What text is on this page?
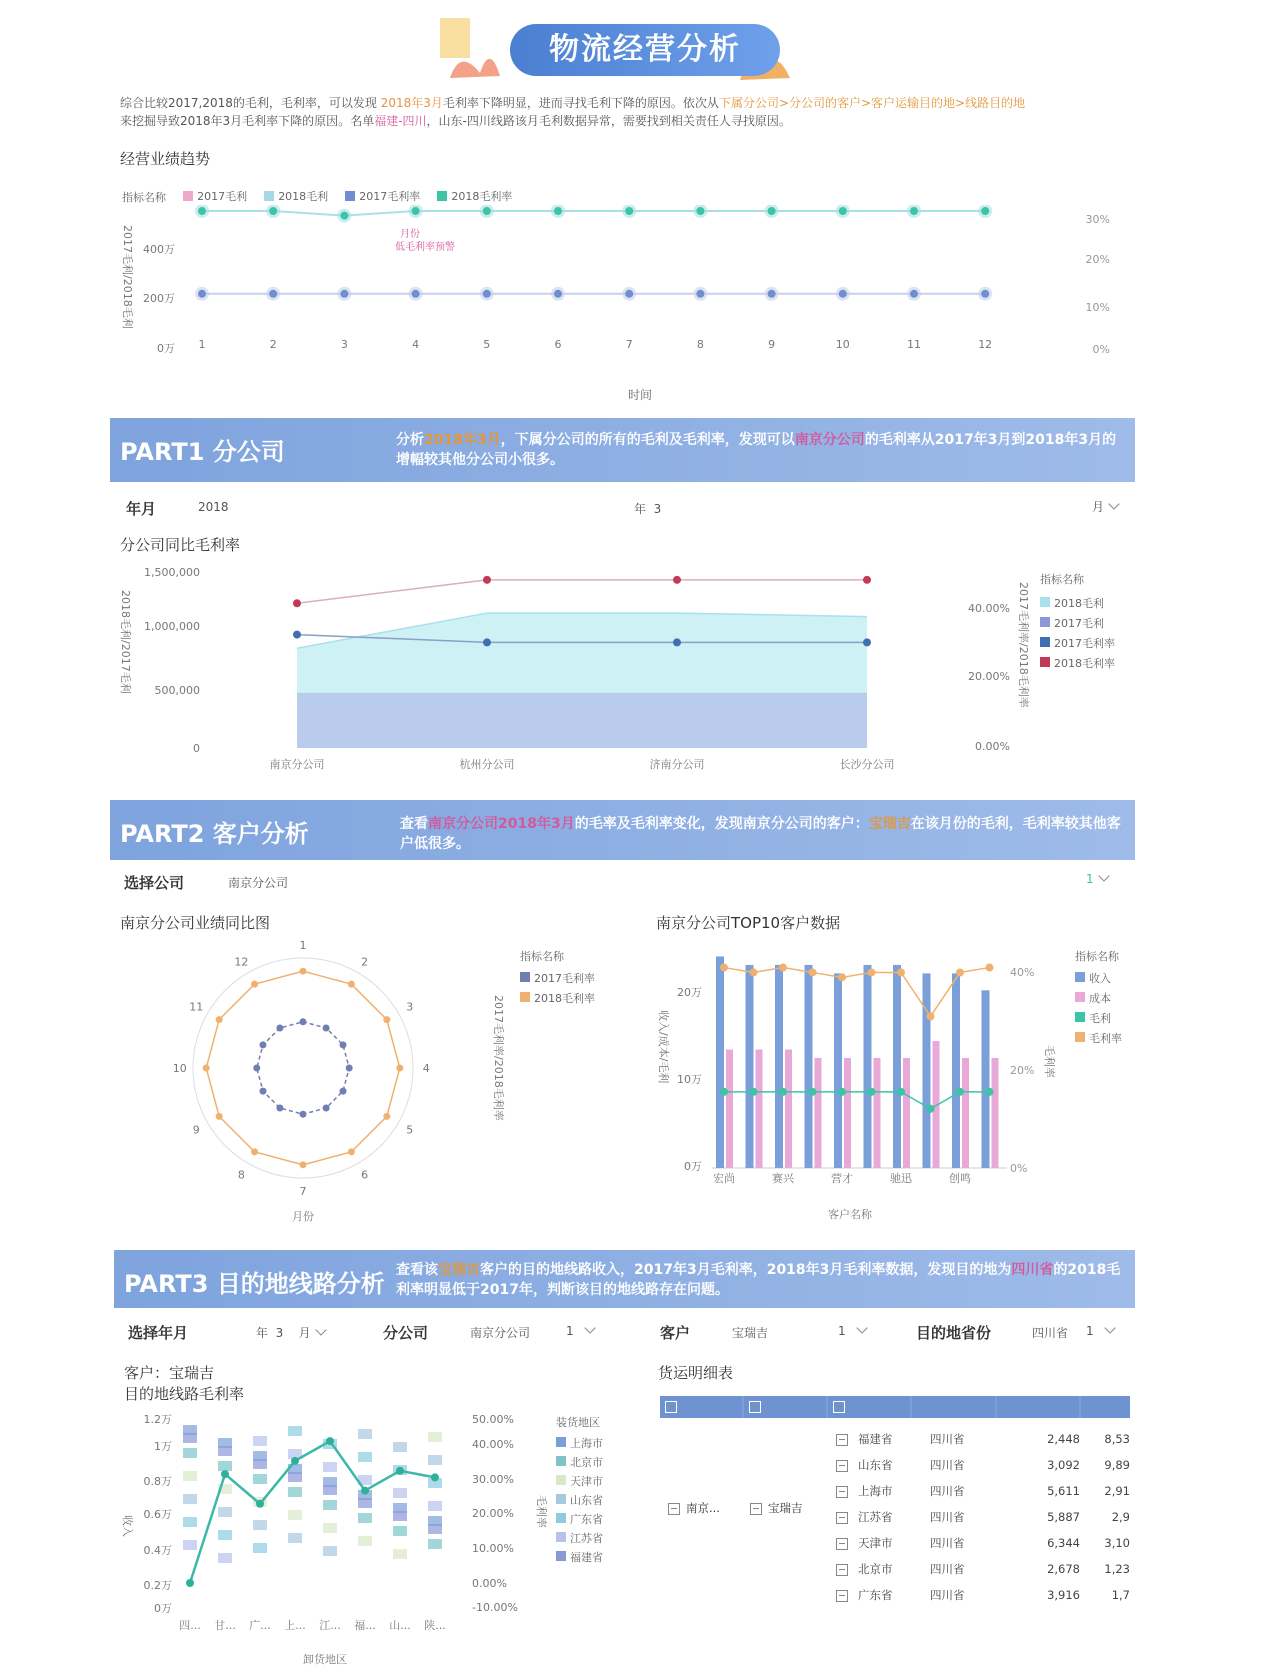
物流经营分析
综合比较2017,2018的毛利，毛利率，可以发现 2018年3月毛利率下降明显，进而寻找毛利下降的原因。依次从下属分公司>分公司的客户>客户运输目的地>线路目的地
来挖掘导致2018年3月毛利率下降的原因。名单福建-四川，山东-四川线路该月毛利数据异常，需要找到相关责任人寻找原因。
经营业绩趋势
指标名称
	2017毛利
	2018毛利
	2017毛利率
	2018毛利率
2017毛利/2018毛利 400万
200万
0万
30%
20%
10%
0%
1	2	3	4	5	6	7	8	9	10	11	12
月份
低毛利率预警
时间
PART1 分公司	分析2018年3月，下属分公司的所有的毛利及毛利率，发现可以南京分公司的毛利率从2017年3月到2018年3月的增幅较其他分公司小很多。
年月	2018	年 3	月
分公司同比毛利率
2018毛利/2017毛利
1,500,000
1,000,000
500,000
0
40.00%
20.00%
0.00%
2017毛利率/2018毛利率
南京分公司	杭州分公司	济南分公司	长沙分公司
指标名称
2018毛利
2017毛利
2017毛利率
2018毛利率
PART2 客户分析	查看南京分公司2018年3月的毛率及毛利率变化，发现南京分公司的客户：宝瑞吉在该月份的毛利，毛利率较其他客户低很多。
选择公司	南京分公司	1
南京分公司业绩同比图
1
2
3
4
5
6
7
8
9
10
11
12
月份
指标名称
2017毛利率
2018毛利率
2017毛利率/2018毛利率
南京分公司TOP10客户数据
收入/成本/毛利
20万
10万
0万
40%
20%
0%
毛利率
宏尚	赛兴	营才	驰迅	创鸣
客户名称
指标名称
收入
成本
毛利
毛利率
PART3 目的地线路分析 查看该宝瑞吉客户的目的地线路收入，2017年3月毛利率，2018年3月毛利率数据，发现目的地为四川省的2018毛利率明显低于2017年，判断该目的地线路存在问题。
选择年月	年 3 月	分公司	南京分公司	1	客户	宝瑞吉	1	目的地省份	四川省 1
客户：宝瑞吉
目的地线路毛利率
收入
1.2万
1万
0.8万
0.6万
0.4万
0.2万
0万
50.00%
40.00%
30.00%
20.00%
10.00%
0.00%
-10.00%
毛利率
四... 甘... 广... 上... 江... 福... 山... 陕...
卸货地区
装货地区
上海市
北京市
天津市
山东省
广东省
江苏省
福建省
货运明细表
南京...	宝瑞吉
福建省	四川省	2,448	8,53
山东省	四川省	3,092	9,89
上海市	四川省	5,611	2,91
江苏省	四川省	5,887	2,9
天津市	四川省	6,344	3,10
北京市	四川省	2,678	1,23
广东省	四川省	3,916	1,7
